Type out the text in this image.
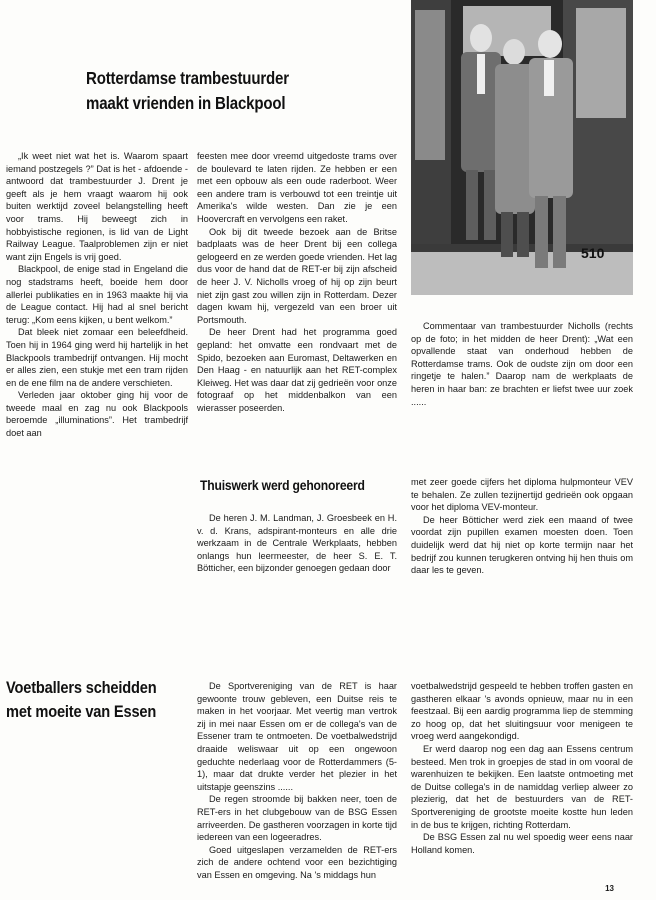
Rotterdamse trambestuurder
maakt vrienden in Blackpool
510

„Ik weet niet wat het is. Waarom spaart iemand postzegels ?” Dat is het - afdoende - antwoord dat trambestuurder J. Drent je geeft als je hem vraagt waarom hij ook buiten werktijd zoveel belangstelling heeft voor trams. Hij beweegt zich in hobbyistische regionen, is lid van de Light Railway League. Taalproblemen zijn er niet want zijn Engels is vrij goed.

Blackpool, de enige stad in Engeland die nog stadstrams heeft, boeide hem door allerlei publikaties en in 1963 maakte hij via de League contact. Hij had al snel bericht terug: „Kom eens kijken, u bent welkom.”

Dat bleek niet zomaar een beleefdheid. Toen hij in 1964 ging werd hij hartelijk in het Blackpools trambedrijf ontvangen. Hij mocht er alles zien, een stukje met een tram rijden en de ene film na de andere verschieten.

Verleden jaar oktober ging hij voor de tweede maal en zag nu ook Blackpools beroemde „illuminations”. Het trambedrijf doet aan

feesten mee door vreemd uitgedoste trams over de boulevard te laten rijden. Ze hebben er een met een opbouw als een oude raderboot. Weer een andere tram is verbouwd tot een treintje uit Amerika's wilde westen. Dan zie je een Hoovercraft en vervolgens een raket.

Ook bij dit tweede bezoek aan de Britse badplaats was de heer Drent bij een collega gelogeerd en ze werden goede vrienden. Het lag dus voor de hand dat de RET-er bij zijn afscheid de heer J. V. Nicholls vroeg of hij op zijn beurt niet zijn gast zou willen zijn in Rotterdam. Dezer dagen kwam hij, vergezeld van een broer uit Portsmouth.

De heer Drent had het programma goed gepland: het omvatte een rondvaart met de Spido, bezoeken aan Euromast, Deltawerken en Den Haag - en natuurlijk aan het RET-complex Kleiweg. Het was daar dat zij gedrieën voor onze fotograaf op het middenbalkon van een wierasser poseerden.

Commentaar van trambestuurder Nicholls (rechts op de foto; in het midden de heer Drent): „Wat een opvallende staat van onderhoud hebben de Rotterdamse trams. Ook de oudste zijn om door een ringetje te halen.” Daarop nam de werkplaats de heren in haar ban: ze brachten er liefst twee uur zoek ......

Thuiswerk werd gehonoreerd

De heren J. M. Landman, J. Groesbeek en H. v. d. Krans, adspirant-monteurs en alle drie werkzaam in de Centrale Werkplaats, hebben onlangs hun leermeester, de heer S. E. T. Bötticher, een bijzonder genoegen gedaan door

met zeer goede cijfers het diploma hulpmonteur VEV te behalen. Ze zullen tezijnertijd gedrieën ook opgaan voor het diploma VEV-monteur.

De heer Bötticher werd ziek een maand of twee voordat zijn pupillen examen moesten doen. Toen duidelijk werd dat hij niet op korte termijn naar het bedrijf zou kunnen terugkeren ontving hij hen thuis om daar les te geven.

Voetballers scheidden
met moeite van Essen

De Sportvereniging van de RET is haar gewoonte trouw gebleven, een Duitse reis te maken in het voorjaar. Met veertig man vertrok zij in mei naar Essen om er de collega's van de Essener tram te ontmoeten. De voetbalwedstrijd draaide weliswaar uit op een ongewoon geduchte nederlaag voor de Rotterdammers (5-1), maar dat drukte verder het plezier in het uitstapje geenszins ......

De regen stroomde bij bakken neer, toen de RET-ers in het clubgebouw van de BSG Essen arriveerden. De gastheren voorzagen in korte tijd iedereen van een logeeradres.

Goed uitgeslapen verzamelden de RET-ers zich de andere ochtend voor een bezichtiging van Essen en omgeving. Na 's middags hun

voetbalwedstrijd gespeeld te hebben troffen gasten en gastheren elkaar 's avonds opnieuw, maar nu in een feestzaal. Bij een aardig programma liep de stemming zo hoog op, dat het sluitingsuur voor menigeen te vroeg werd aangekondigd.

Er werd daarop nog een dag aan Essens centrum besteed. Men trok in groepjes de stad in om vooral de warenhuizen te bekijken. Een laatste ontmoeting met de Duitse collega's in de namiddag verliep alweer zo plezierig, dat het de bestuurders van de RET-Sportvereniging de grootste moeite kostte hun leden in de bus te krijgen, richting Rotterdam.

De BSG Essen zal nu wel spoedig weer eens naar Holland komen.

13
